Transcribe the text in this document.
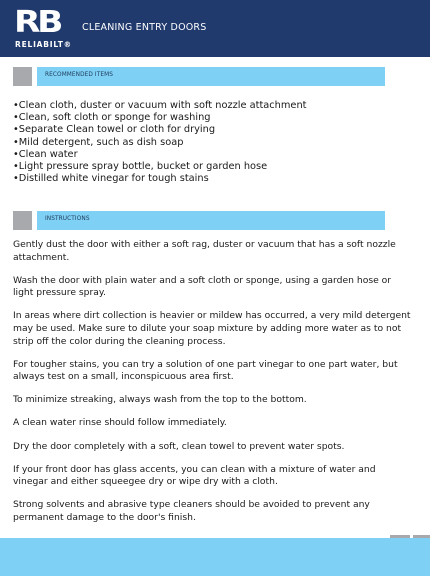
RB
RELIABILT®
CLEANING ENTRY DOORS
RECOMMENDED ITEMS
•Clean cloth, duster or vacuum with soft nozzle attachment
•Clean, soft cloth or sponge for washing
•Separate Clean towel or cloth for drying
•Mild detergent, such as dish soap
•Clean water
•Light pressure spray bottle, bucket or garden hose
•Distilled white vinegar for tough stains
INSTRUCTIONS

Gently dust the door with either a soft rag, duster or vacuum that has a soft nozzle attachment.

Wash the door with plain water and a soft cloth or sponge, using a garden hose or light pressure spray.

In areas where dirt collection is heavier or mildew has occurred, a very mild detergent may be used. Make sure to dilute your soap mixture by adding more water as to not strip off the color during the cleaning process.

For tougher stains, you can try a solution of one part vinegar to one part water, but always test on a small, inconspicuous area first.

To minimize streaking, always wash from the top to the bottom.

A clean water rinse should follow immediately.

Dry the door completely with a soft, clean towel to prevent water spots.

If your front door has glass accents, you can clean with a mixture of water and vinegar and either squeegee dry or wipe dry with a cloth.

Strong solvents and abrasive type cleaners should be avoided to prevent any permanent damage to the door's finish.
